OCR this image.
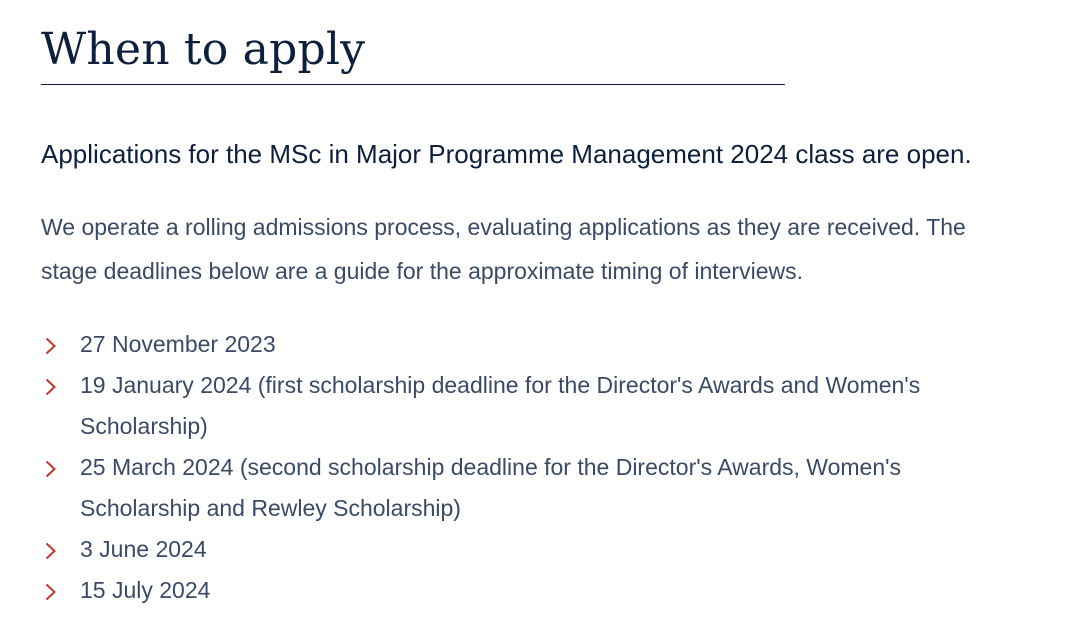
When to apply

Applications for the MSc in Major Programme Management 2024 class are open.

We operate a rolling admissions process, evaluating applications as they are received. The stage deadlines below are a guide for the approximate timing of interviews.

27 November 2023
19 January 2024 (first scholarship deadline for the Director's Awards and Women's Scholarship)
25 March 2024 (second scholarship deadline for the Director's Awards, Women's Scholarship and Rewley Scholarship)
3 June 2024
15 July 2024
